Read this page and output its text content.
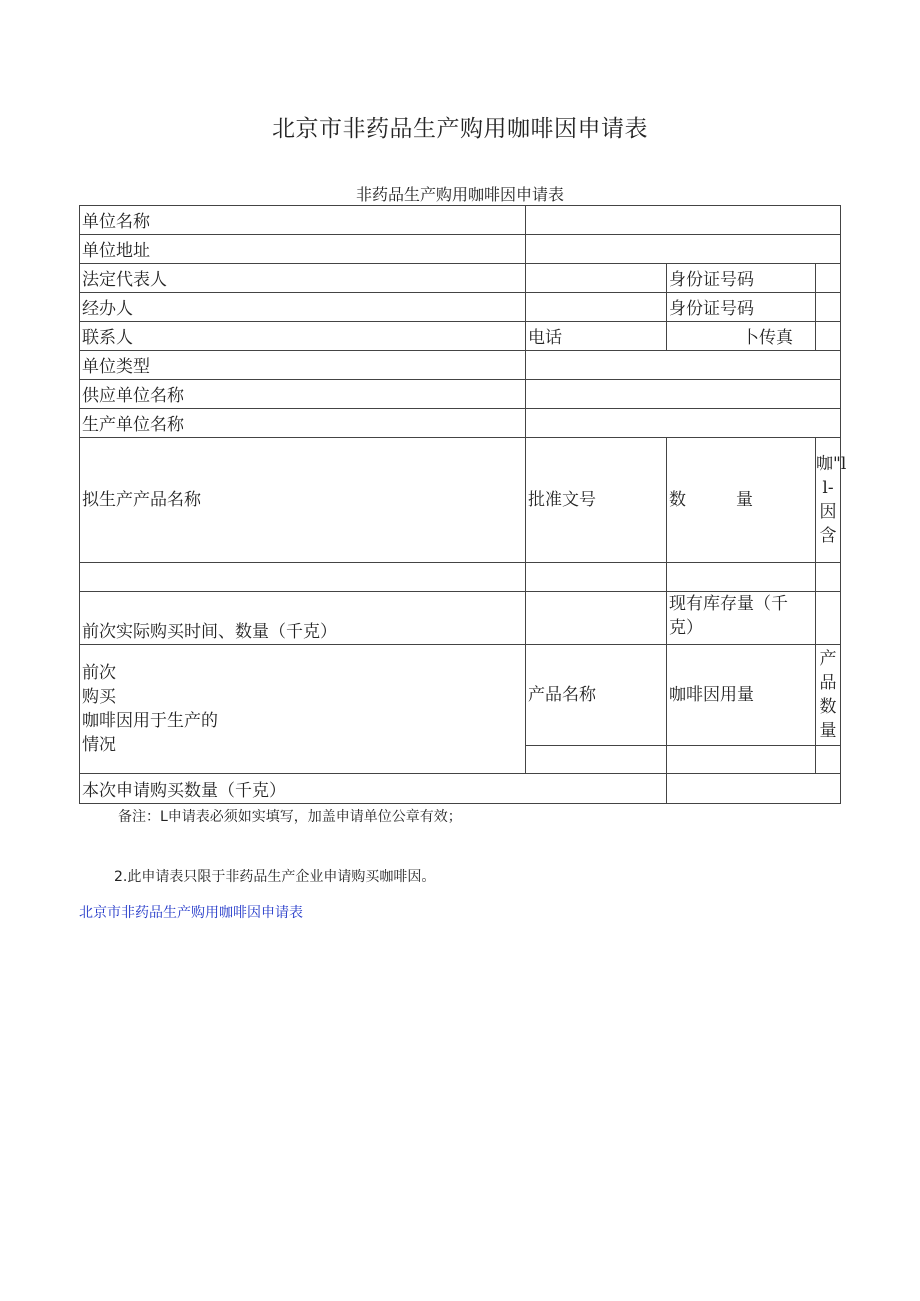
北京市非药品生产购用咖啡因申请表
非药品生产购用咖啡因申请表
单位名称			
单位地址			
法定代表人		身份证号码	
经办人		身份证号码	
联系人	电话	卜传真	
单位类型			
供应单位名称			
生产单位名称			
拟生产产品名称	批准文号	数 量	咖"ll-因含

前次实际购买时间、数量（千克）		现有库存量（千克）	

前次
购买
咖啡因用于生产的
情况	产品名称	咖啡因用量	产品数量

本次申请购买数量（千克）			
备注：L申请表必须如实填写，加盖申请单位公章有效；
2.此申请表只限于非药品生产企业申请购买咖啡因。
北京市非药品生产购用咖啡因申请表
